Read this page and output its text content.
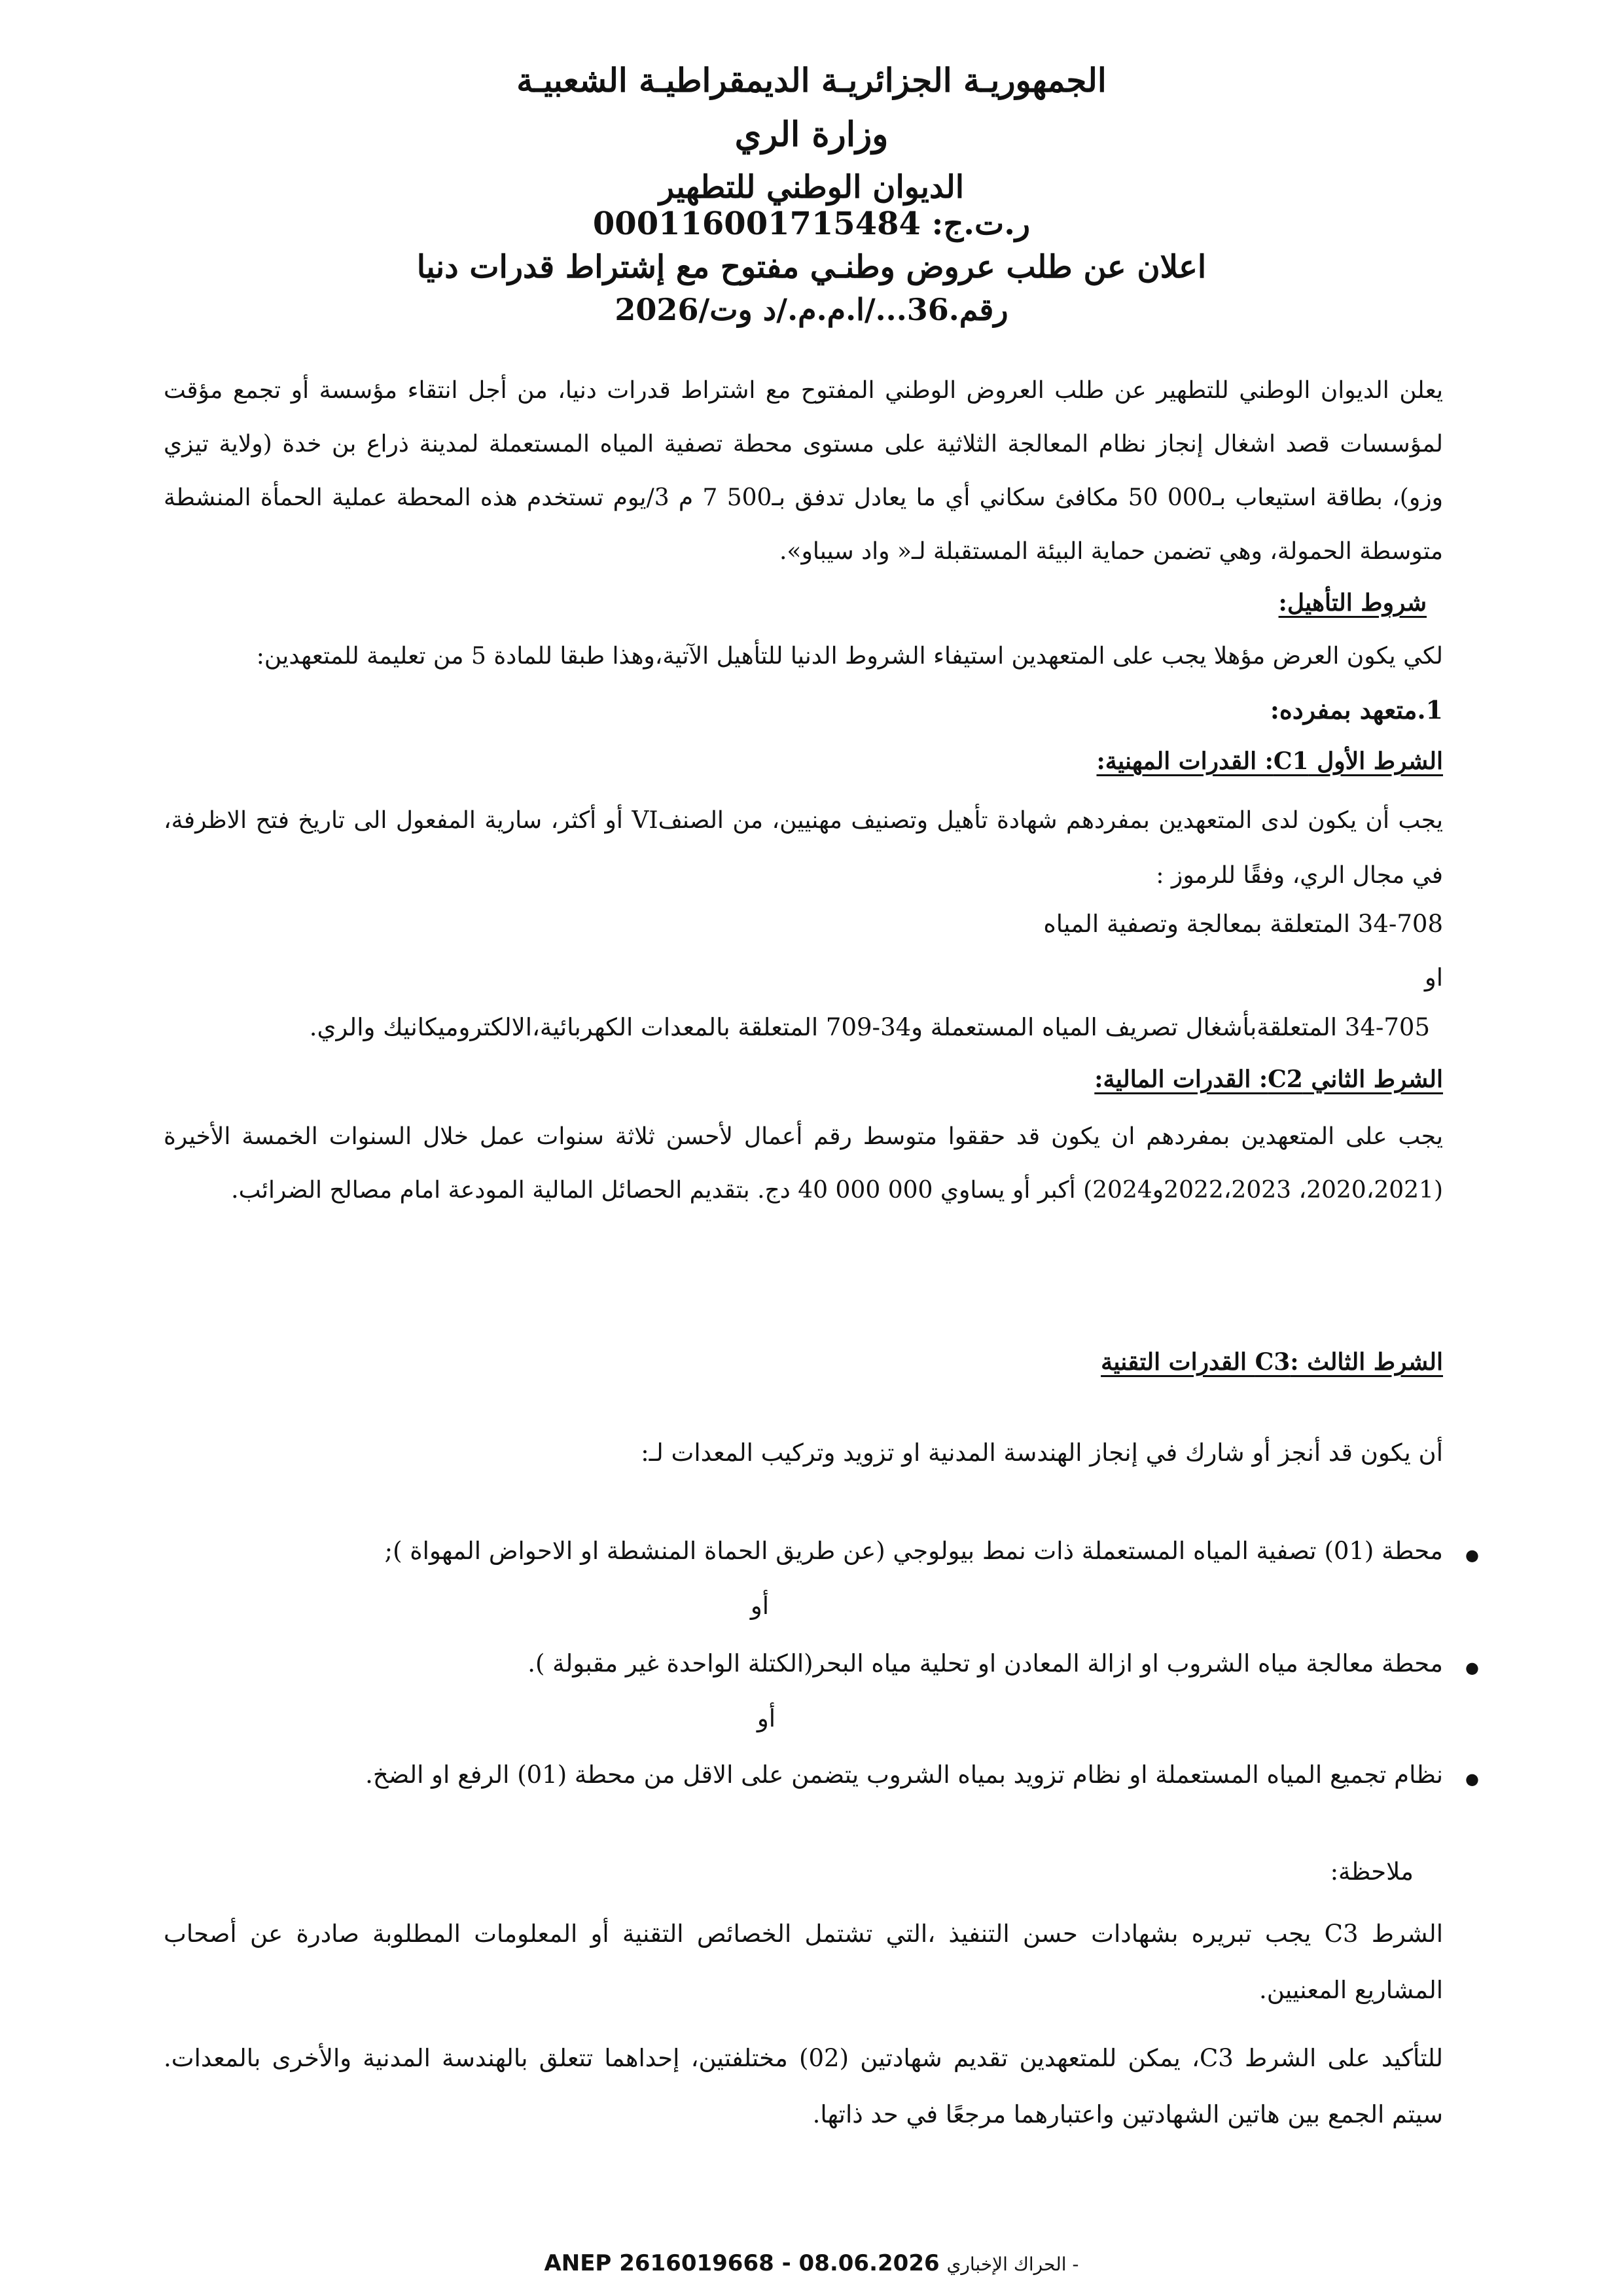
الجمهوريـة الجزائريـة الديمقراطيـة الشعبيـة
وزارة الري
الديوان الوطني للتطهير
ر.ت.ج: 000116001715484
اعلان عن طلب عروض وطنـي مفتوح مع إشتراط قدرات دنيا
رقم.36.../ا.م.م./د وت/2026
يعلن الديوان الوطني للتطهير عن طلب العروض الوطني المفتوح مع اشتراط قدرات دنيا، من أجل انتقاء مؤسسة أو تجمع مؤقت لمؤسسات قصد اشغال إنجاز نظام المعالجة الثلاثية على مستوى محطة تصفية المياه المستعملة لمدينة ذراع بن خدة (ولاية تيزي وزو)، بطاقة استيعاب بـ000 50 مكافئ سكاني أي ما يعادل تدفق بـ500 7 م 3/يوم تستخدم هذه المحطة عملية الحمأة المنشطة متوسطة الحمولة، وهي تضمن حماية البيئة المستقبلة لـ« واد سيباو».
شروط التأهيل:
لكي يكون العرض مؤهلا يجب على المتعهدين استيفاء الشروط الدنيا للتأهيل الآتية،وهذا طبقا للمادة 5 من تعليمة للمتعهدين:
1.متعهد بمفرده:
الشرط الأول C1: القدرات المهنية:
يجب أن يكون لدى المتعهدين بمفردهم شهادة تأهيل وتصنيف مهنيين، من الصنفVI أو أكثر، سارية المفعول الى تاريخ فتح الاظرفة، في مجال الري، وفقًا للرموز :
34-708 المتعلقة بمعالجة وتصفية المياه
او
34-705 المتعلقةبأشغال تصريف المياه المستعملة و34-709 المتعلقة بالمعدات الكهربائية،الالكتروميكانيك والري.
الشرط الثاني C2: القدرات المالية:
يجب على المتعهدين بمفردهم ان يكون قد حققوا متوسط رقم أعمال لأحسن ثلاثة سنوات عمل خلال السنوات الخمسة الأخيرة (2020،2021، 2022،2023و2024) أكبر أو يساوي 000 000 40 دج. بتقديم الحصائل المالية المودعة امام مصالح الضرائب.
الشرط الثالث :C3 القدرات التقنية
أن يكون قد أنجز أو شارك في إنجاز الهندسة المدنية او تزويد وتركيب المعدات لـ:
● محطة (01) تصفية المياه المستعملة ذات نمط بيولوجي (عن طريق الحماة المنشطة او الاحواض المهواة );
● محطة معالجة مياه الشروب او ازالة المعادن او تحلية مياه البحر(الكتلة الواحدة غير مقبولة ).
● نظام تجميع المياه المستعملة او نظام تزويد بمياه الشروب يتضمن على الاقل من محطة (01) الرفع او الضخ.
أو
أو
ملاحظة:
الشرط C3 يجب تبريره بشهادات حسن التنفيذ ،التي تشتمل الخصائص التقنية أو المعلومات المطلوبة صادرة عن أصحاب المشاريع المعنيين.
للتأكيد على الشرط C3، يمكن للمتعهدين تقديم شهادتين (02) مختلفتين، إحداهما تتعلق بالهندسة المدنية والأخرى بالمعدات. سيتم الجمع بين هاتين الشهادتين واعتبارهما مرجعًا في حد ذاتها.
ANEP 2616019668 - 08.06.2026 الحراك الإخباري -
